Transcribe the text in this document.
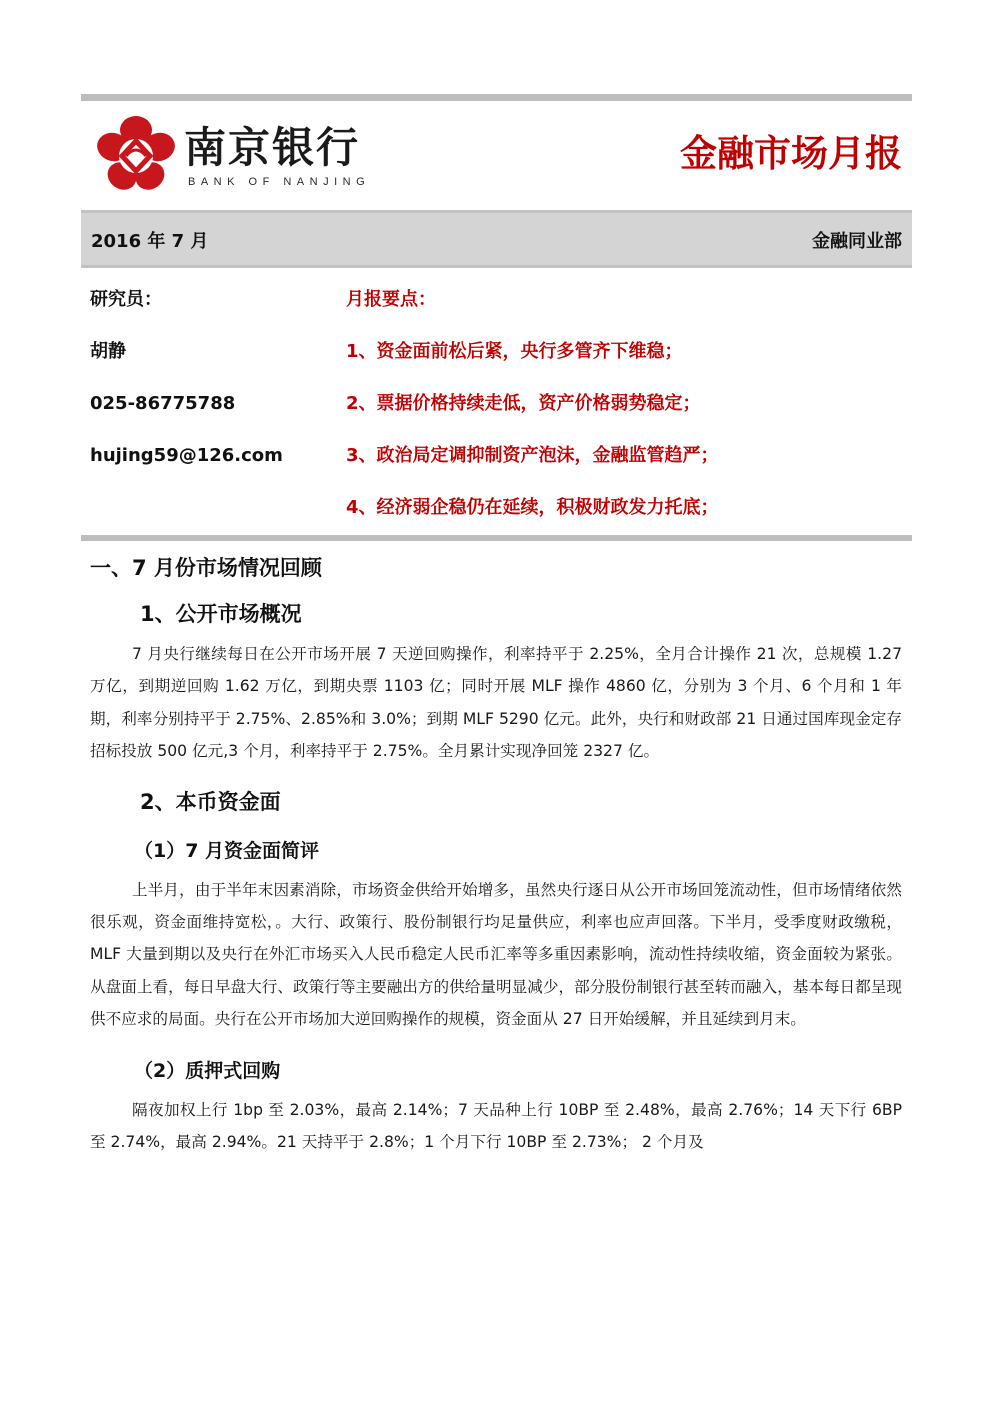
南京银行
BANK OF NANJING
金融市场月报
2016 年 7 月	金融同业部
研究员：
胡静
025-86775788
hujing59@126.com
月报要点：
1、资金面前松后紧，央行多管齐下维稳；
2、票据价格持续走低，资产价格弱势稳定；
3、政治局定调抑制资产泡沫，金融监管趋严；
4、经济弱企稳仍在延续，积极财政发力托底；
一、7 月份市场情况回顾
1、公开市场概况

7 月央行继续每日在公开市场开展 7 天逆回购操作，利率持平于 2.25%，全月合计操作 21 次，总规模 1.27 万亿，到期逆回购 1.62 万亿，到期央票 1103 亿；同时开展 MLF 操作 4860 亿，分别为 3 个月、6 个月和 1 年期，利率分别持平于 2.75%、2.85%和 3.0%；到期 MLF 5290 亿元。此外，央行和财政部 21 日通过国库现金定存招标投放 500 亿元,3 个月，利率持平于 2.75%。全月累计实现净回笼 2327 亿。

2、本币资金面
（1）7 月资金面简评

上半月，由于半年末因素消除，市场资金供给开始增多，虽然央行逐日从公开市场回笼流动性，但市场情绪依然很乐观，资金面维持宽松，。大行、政策行、股份制银行均足量供应，利率也应声回落。下半月，受季度财政缴税，MLF 大量到期以及央行在外汇市场买入人民币稳定人民币汇率等多重因素影响，流动性持续收缩，资金面较为紧张。从盘面上看，每日早盘大行、政策行等主要融出方的供给量明显减少，部分股份制银行甚至转而融入，基本每日都呈现供不应求的局面。央行在公开市场加大逆回购操作的规模，资金面从 27 日开始缓解，并且延续到月末。

（2）质押式回购

隔夜加权上行 1bp 至 2.03%，最高 2.14%；7 天品种上行 10BP 至 2.48%，最高 2.76%；14 天下行 6BP 至 2.74%，最高 2.94%。21 天持平于 2.8%；1 个月下行 10BP 至 2.73%； 2 个月及
